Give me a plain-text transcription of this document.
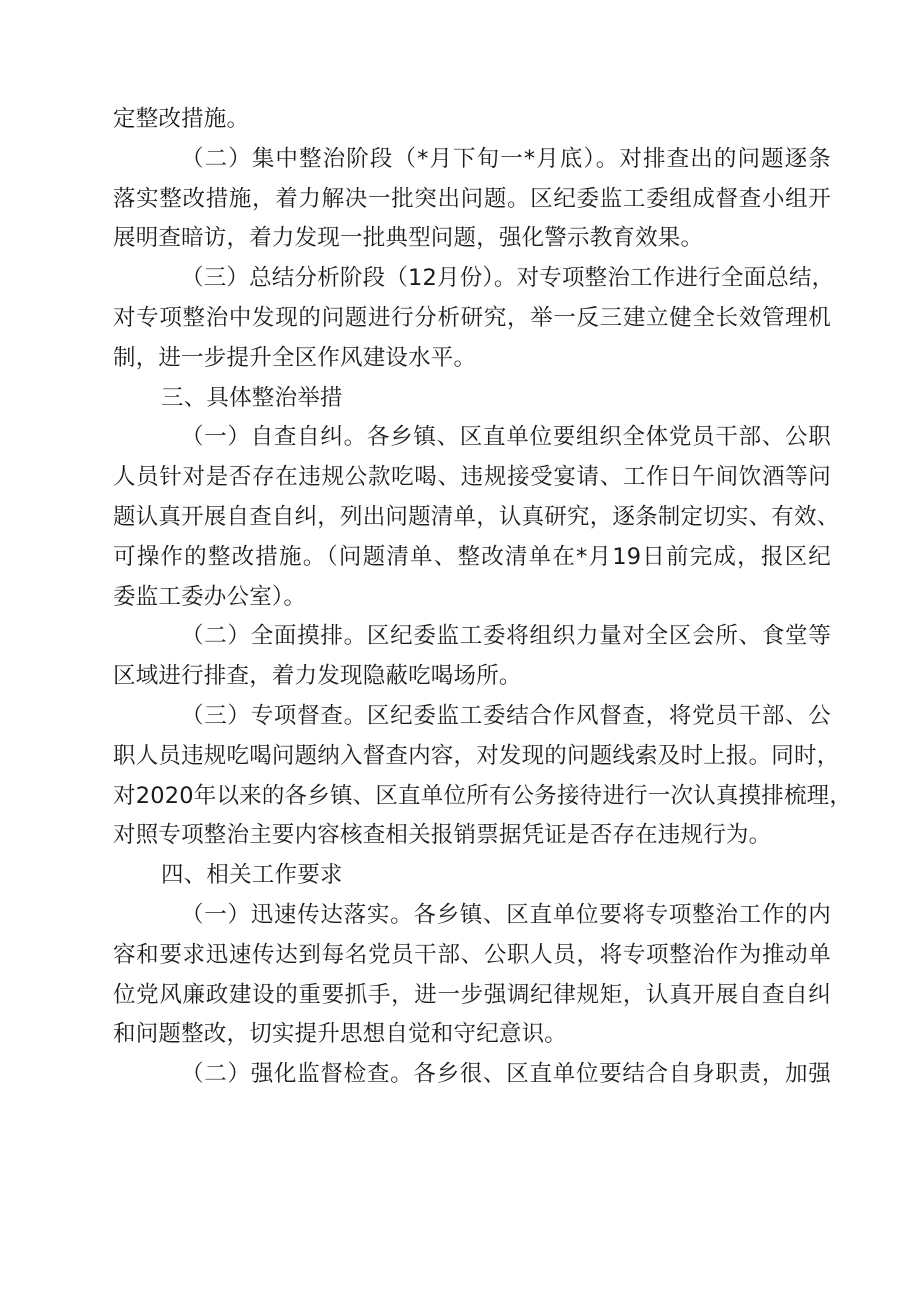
定整改措施。
（二）集中整治阶段（*月下旬一*月底）。对排查出的问题逐条
落实整改措施，着力解决一批突出问题。区纪委监工委组成督查小组开
展明查暗访，着力发现一批典型问题，强化警示教育效果。
（三）总结分析阶段（12月份）。对专项整治工作进行全面总结，
对专项整治中发现的问题进行分析研究，举一反三建立健全长效管理机
制，进一步提升全区作风建设水平。
三、具体整治举措
（一）自查自纠。各乡镇、区直单位要组织全体党员干部、公职
人员针对是否存在违规公款吃喝、违规接受宴请、工作日午间饮酒等问
题认真开展自查自纠，列出问题清单，认真研究，逐条制定切实、有效、
可操作的整改措施。（问题清单、整改清单在*月19日前完成，报区纪
委监工委办公室）。
（二）全面摸排。区纪委监工委将组织力量对全区会所、食堂等
区域进行排查，着力发现隐蔽吃喝场所。
（三）专项督查。区纪委监工委结合作风督查，将党员干部、公
职人员违规吃喝问题纳入督查内容，对发现的问题线索及时上报。同时，
对2020年以来的各乡镇、区直单位所有公务接待进行一次认真摸排梳理，
对照专项整治主要内容核查相关报销票据凭证是否存在违规行为。
四、相关工作要求
（一）迅速传达落实。各乡镇、区直单位要将专项整治工作的内
容和要求迅速传达到每名党员干部、公职人员，将专项整治作为推动单
位党风廉政建设的重要抓手，进一步强调纪律规矩，认真开展自查自纠
和问题整改，切实提升思想自觉和守纪意识。
（二）强化监督检查。各乡很、区直单位要结合自身职责，加强
